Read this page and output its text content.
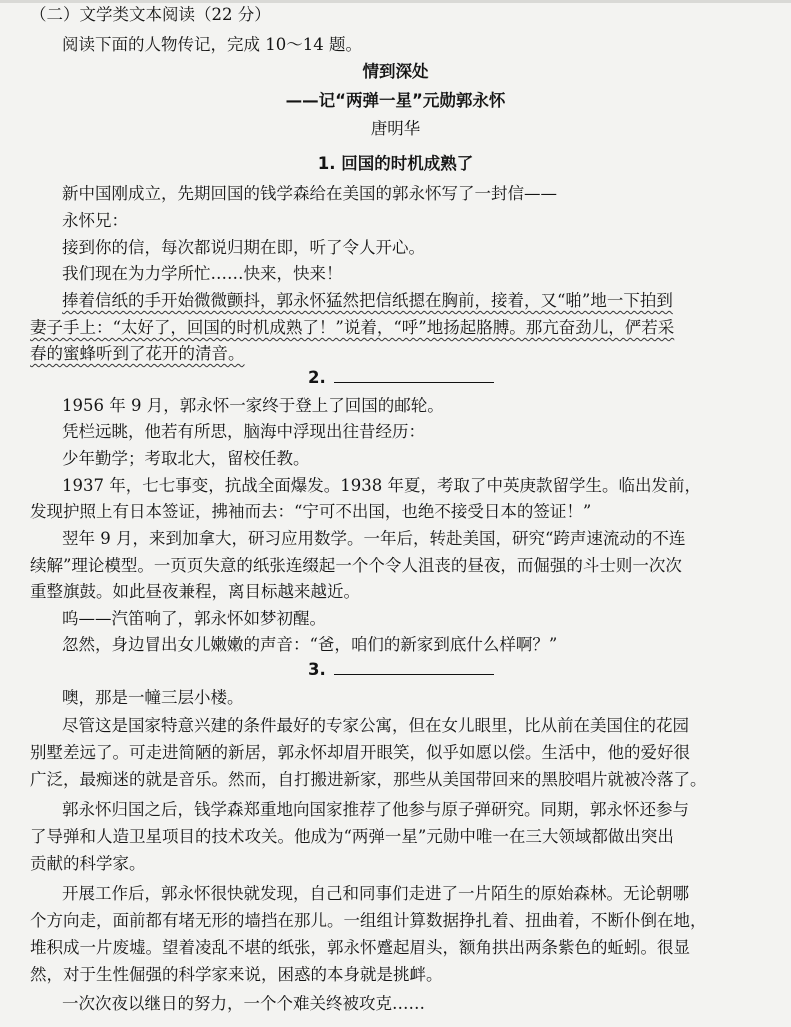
（二）文学类文本阅读（22 分）
阅读下面的人物传记，完成 10～14 题。
情到深处
——记“两弹一星”元勋郭永怀
唐明华
1. 回国的时机成熟了
新中国刚成立，先期回国的钱学森给在美国的郭永怀写了一封信——
永怀兄：
接到你的信，每次都说归期在即，听了令人开心。
我们现在为力学所忙……快来，快来！
捧着信纸的手开始微微颤抖，郭永怀猛然把信纸摁在胸前，接着，又“啪”地一下拍到
妻子手上：“太好了，回国的时机成熟了！”说着，“呼”地扬起胳膊。那亢奋劲儿，俨若采
春的蜜蜂听到了花开的清音。
2.
1956 年 9 月，郭永怀一家终于登上了回国的邮轮。
凭栏远眺，他若有所思，脑海中浮现出往昔经历：
少年勤学；考取北大，留校任教。
1937 年，七七事变，抗战全面爆发。1938 年夏，考取了中英庚款留学生。临出发前，
发现护照上有日本签证，拂袖而去：“宁可不出国，也绝不接受日本的签证！”
翌年 9 月，来到加拿大，研习应用数学。一年后，转赴美国，研究“跨声速流动的不连
续解”理论模型。一页页失意的纸张连缀起一个个令人沮丧的昼夜，而倔强的斗士则一次次
重整旗鼓。如此昼夜兼程，离目标越来越近。
呜——汽笛响了，郭永怀如梦初醒。
忽然，身边冒出女儿嫩嫩的声音：“爸，咱们的新家到底什么样啊？”
3.
噢，那是一幢三层小楼。
尽管这是国家特意兴建的条件最好的专家公寓，但在女儿眼里，比从前在美国住的花园
别墅差远了。可走进简陋的新居，郭永怀却眉开眼笑，似乎如愿以偿。生活中，他的爱好很
广泛，最痴迷的就是音乐。然而，自打搬进新家，那些从美国带回来的黑胶唱片就被冷落了。
郭永怀归国之后，钱学森郑重地向国家推荐了他参与原子弹研究。同期，郭永怀还参与
了导弹和人造卫星项目的技术攻关。他成为“两弹一星”元勋中唯一在三大领域都做出突出
贡献的科学家。
开展工作后，郭永怀很快就发现，自己和同事们走进了一片陌生的原始森林。无论朝哪
个方向走，面前都有堵无形的墙挡在那儿。一组组计算数据挣扎着、扭曲着，不断仆倒在地，
堆积成一片废墟。望着凌乱不堪的纸张，郭永怀蹙起眉头，额角拱出两条紫色的蚯蚓。很显
然，对于生性倔强的科学家来说，困惑的本身就是挑衅。
一次次夜以继日的努力，一个个难关终被攻克……
